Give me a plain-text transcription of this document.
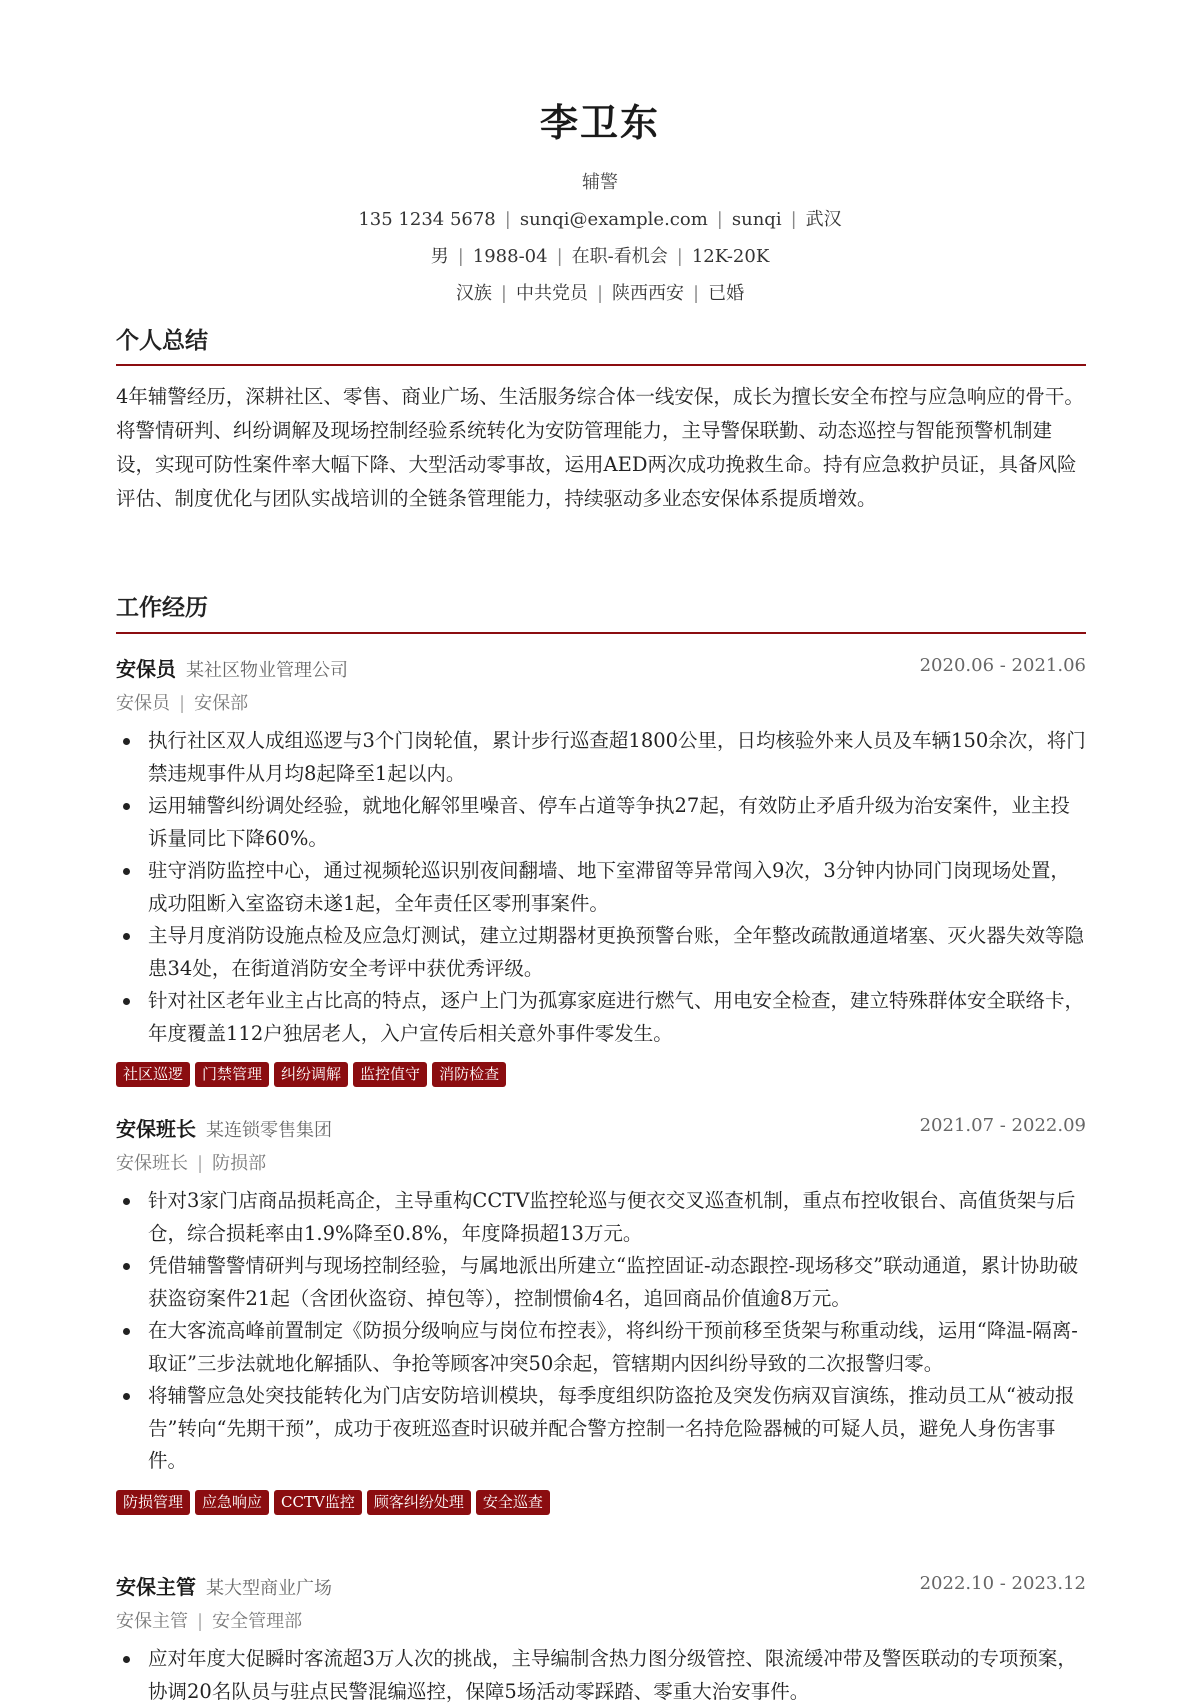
李卫东
辅警
135 1234 5678 | sunqi@example.com | sunqi | 武汉
男 | 1988-04 | 在职-看机会 | 12K-20K
汉族 | 中共党员 | 陕西西安 | 已婚
个人总结
4年辅警经历，深耕社区、零售、商业广场、生活服务综合体一线安保，成长为擅长安全布控与应急响应的骨干。将警情研判、纠纷调解及现场控制经验系统转化为安防管理能力，主导警保联勤、动态巡控与智能预警机制建设，实现可防性案件率大幅下降、大型活动零事故，运用AED两次成功挽救生命。持有应急救护员证，具备风险评估、制度优化与团队实战培训的全链条管理能力，持续驱动多业态安保体系提质增效。
工作经历
安保员 某社区物业管理公司	2020.06 - 2021.06
安保员 | 安保部
执行社区双人成组巡逻与3个门岗轮值，累计步行巡查超1800公里，日均核验外来人员及车辆150余次，将门禁违规事件从月均8起降至1起以内。
运用辅警纠纷调处经验，就地化解邻里噪音、停车占道等争执27起，有效防止矛盾升级为治安案件，业主投诉量同比下降60%。
驻守消防监控中心，通过视频轮巡识别夜间翻墙、地下室滞留等异常闯入9次，3分钟内协同门岗现场处置，成功阻断入室盗窃未遂1起，全年责任区零刑事案件。
主导月度消防设施点检及应急灯测试，建立过期器材更换预警台账，全年整改疏散通道堵塞、灭火器失效等隐患34处，在街道消防安全考评中获优秀评级。
针对社区老年业主占比高的特点，逐户上门为孤寡家庭进行燃气、用电安全检查，建立特殊群体安全联络卡，年度覆盖112户独居老人，入户宣传后相关意外事件零发生。
社区巡逻 门禁管理 纠纷调解 监控值守 消防检查
安保班长 某连锁零售集团	2021.07 - 2022.09
安保班长 | 防损部
针对3家门店商品损耗高企，主导重构CCTV监控轮巡与便衣交叉巡查机制，重点布控收银台、高值货架与后仓，综合损耗率由1.9%降至0.8%，年度降损超13万元。
凭借辅警警情研判与现场控制经验，与属地派出所建立“监控固证-动态跟控-现场移交”联动通道，累计协助破获盗窃案件21起（含团伙盗窃、掉包等），控制惯偷4名，追回商品价值逾8万元。
在大客流高峰前置制定《防损分级响应与岗位布控表》，将纠纷干预前移至货架与称重动线，运用“降温-隔离-取证”三步法就地化解插队、争抢等顾客冲突50余起，管辖期内因纠纷导致的二次报警归零。
将辅警应急处突技能转化为门店安防培训模块，每季度组织防盗抢及突发伤病双盲演练，推动员工从“被动报告”转向“先期干预”，成功于夜班巡查时识破并配合警方控制一名持危险器械的可疑人员，避免人身伤害事件。
防损管理 应急响应 CCTV监控 顾客纠纷处理 安全巡查
安保主管 某大型商业广场	2022.10 - 2023.12
安保主管 | 安全管理部
应对年度大促瞬时客流超3万人次的挑战，主导编制含热力图分级管控、限流缓冲带及警医联动的专项预案，协调20名队员与驻点民警混编巡控，保障5场活动零踩踏、零重大治安事件。
